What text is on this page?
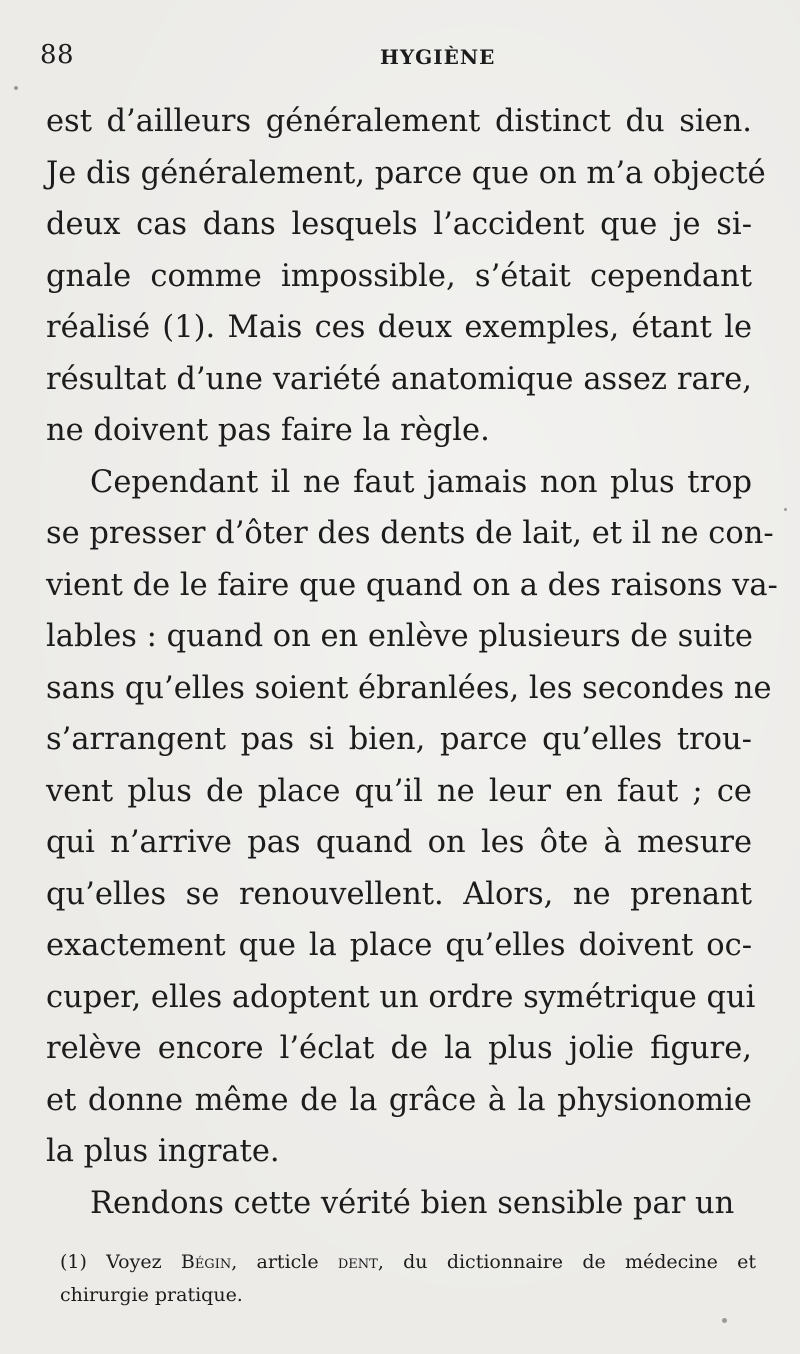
88	HYGIÈNE
est d’ailleurs généralement distinct du sien.
Je dis généralement, parce que on m’a objecté
deux cas dans lesquels l’accident que je si-
gnale comme impossible, s’était cependant
réalisé (1). Mais ces deux exemples, étant le
résultat d’une variété anatomique assez rare,
ne doivent pas faire la règle.
Cependant il ne faut jamais non plus trop
se presser d’ôter des dents de lait, et il ne con-
vient de le faire que quand on a des raisons va-
lables : quand on en enlève plusieurs de suite
sans qu’elles soient ébranlées, les secondes ne
s’arrangent pas si bien, parce qu’elles trou-
vent plus de place qu’il ne leur en faut ; ce
qui n’arrive pas quand on les ôte à mesure
qu’elles se renouvellent. Alors, ne prenant
exactement que la place qu’elles doivent oc-
cuper, elles adoptent un ordre symétrique qui
relève encore l’éclat de la plus jolie figure,
et donne même de la grâce à la physionomie
la plus ingrate.
Rendons cette vérité bien sensible par un
(1) Voyez Bégin, article dent, du dictionnaire de médecine et
chirurgie pratique.
